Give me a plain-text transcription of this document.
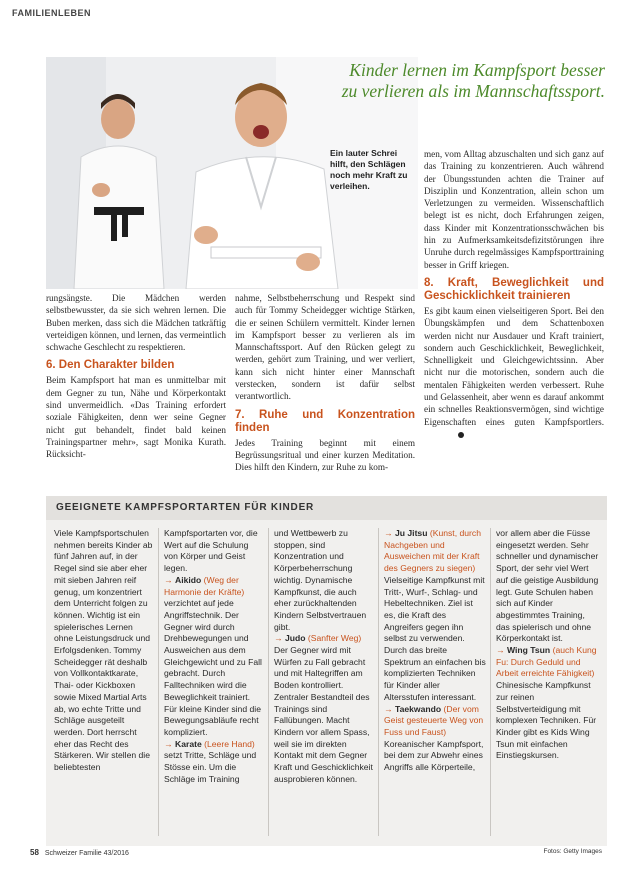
FAMILIENLEBEN
Kinder lernen im Kampfsport besser
zu verlieren als im Mannschaftssport.
Ein lauter Schrei hilft, den Schlägen noch mehr Kraft zu verleihen.

rungsängste. Die Mädchen werden selbstbewusster, da sie sich wehren lernen. Die Buben merken, dass sich die Mädchen tatkräftig verteidigen können, und lernen, das vermeintlich schwache Geschlecht zu respektieren.

6. Den Charakter bilden

Beim Kampfsport hat man es unmittelbar mit dem Gegner zu tun, Nähe und Körperkontakt sind unvermeidlich. «Das Training erfordert soziale Fähigkeiten, denn wer seine Gegner nicht gut behandelt, findet bald keinen Trainingspartner mehr», sagt Monika Kurath. Rücksicht-

nahme, Selbstbeherrschung und Respekt sind auch für Tommy Scheidegger wichtige Stärken, die er seinen Schülern vermittelt. Kinder lernen im Kampfsport besser zu verlieren als im Mannschaftssport. Auf den Rücken gelegt zu werden, gehört zum Training, und wer verliert, kann sich nicht hinter einer Mannschaft verstecken, sondern ist dafür selbst verantwortlich.

7. Ruhe und Konzentration finden

Jedes Training beginnt mit einem Begrüssungsritual und einer kurzen Meditation. Dies hilft den Kindern, zur Ruhe zu kom-

men, vom Alltag abzuschalten und sich ganz auf das Training zu konzentrieren. Auch während der Übungsstunden achten die Trainer auf Disziplin und Konzentration, allein schon um Verletzungen zu vermeiden. Wissenschaftlich belegt ist es nicht, doch Erfahrungen zeigen, dass Kinder mit Konzentrationsschwächen bis hin zu Aufmerksamkeitsdefizitstörungen ihre Unruhe durch regelmässiges Kampfsporttraining besser in Griff kriegen.

8. Kraft, Beweglichkeit und Geschicklichkeit trainieren

Es gibt kaum einen vielseitigeren Sport. Bei den Übungskämpfen und dem Schattenboxen werden nicht nur Ausdauer und Kraft trainiert, sondern auch Geschicklichkeit, Beweglichkeit, Schnelligkeit und Gleichgewichtssinn. Aber nicht nur die motorischen, sondern auch die mentalen Fähigkeiten werden verbessert. Ruhe und Gelassenheit, aber wenn es darauf ankommt ein schnelles Reaktionsvermögen, sind wichtige Eigenschaften eines guten Kampfsportlers.

GEEIGNETE KAMPFSPORTARTEN FÜR KINDER
Viele Kampfsportschulen nehmen bereits Kinder ab fünf Jahren auf, in der Regel sind sie aber eher mit sieben Jahren reif genug, um konzentriert dem Unterricht folgen zu können. Wichtig ist ein spielerisches Lernen ohne Leistungsdruck und Erfolgsdenken. Tommy Scheidegger rät deshalb von Vollkontaktkarate, Thai- oder Kickboxen sowie Mixed Martial Arts ab, wo echte Tritte und Schläge ausgeteilt werden. Dort herrscht eher das Recht des Stärkeren. Wir stellen die beliebtesten
Kampfsportarten vor, die Wert auf die Schulung von Körper und Geist legen.
→ Aikido (Weg der Harmonie der Kräfte) verzichtet auf jede Angriffstechnik. Der Gegner wird durch Drehbewegungen und Ausweichen aus dem Gleichgewicht und zu Fall gebracht. Durch Falltechniken wird die Beweglichkeit trainiert. Für kleine Kinder sind die Bewegungsabläufe recht kompliziert.
→ Karate (Leere Hand) setzt Tritte, Schläge und Stösse ein. Um die Schläge im Training
und Wettbewerb zu stoppen, sind Konzentration und Körperbeherrschung wichtig. Dynamische Kampfkunst, die auch eher zurückhaltenden Kindern Selbstvertrauen gibt.
→ Judo (Sanfter Weg) Der Gegner wird mit Würfen zu Fall gebracht und mit Haltegriffen am Boden kontrolliert. Zentraler Bestandteil des Trainings sind Fallübungen. Macht Kindern vor allem Spass, weil sie im direkten Kontakt mit dem Gegner Kraft und Geschicklichkeit ausprobieren können.
→ Ju Jitsu (Kunst, durch Nachgeben und Ausweichen mit der Kraft des Gegners zu siegen) Vielseitige Kampfkunst mit Tritt-, Wurf-, Schlag- und Hebeltechniken. Ziel ist es, die Kraft des Angreifers gegen ihn selbst zu verwenden. Durch das breite Spektrum an einfachen bis komplizierten Techniken für Kinder aller Altersstufen interessant.
→ Taekwando (Der vom Geist gesteuerte Weg von Fuss und Faust) Koreanischer Kampfsport, bei dem zur Abwehr eines Angriffs alle Körperteile,
vor allem aber die Füsse eingesetzt werden. Sehr schneller und dynamischer Sport, der sehr viel Wert auf die geistige Ausbildung legt. Gute Schulen haben sich auf Kinder abgestimmtes Training, das spielerisch und ohne Körperkontakt ist.
→ Wing Tsun (auch Kung Fu: Durch Geduld und Arbeit erreichte Fähigkeit) Chinesische Kampfkunst zur reinen Selbstverteidigung mit komplexen Techniken. Für Kinder gibt es Kids Wing Tsun mit einfachen Einstiegskursen.
58 Schweizer Familie 43/2016	Fotos: Getty Images
